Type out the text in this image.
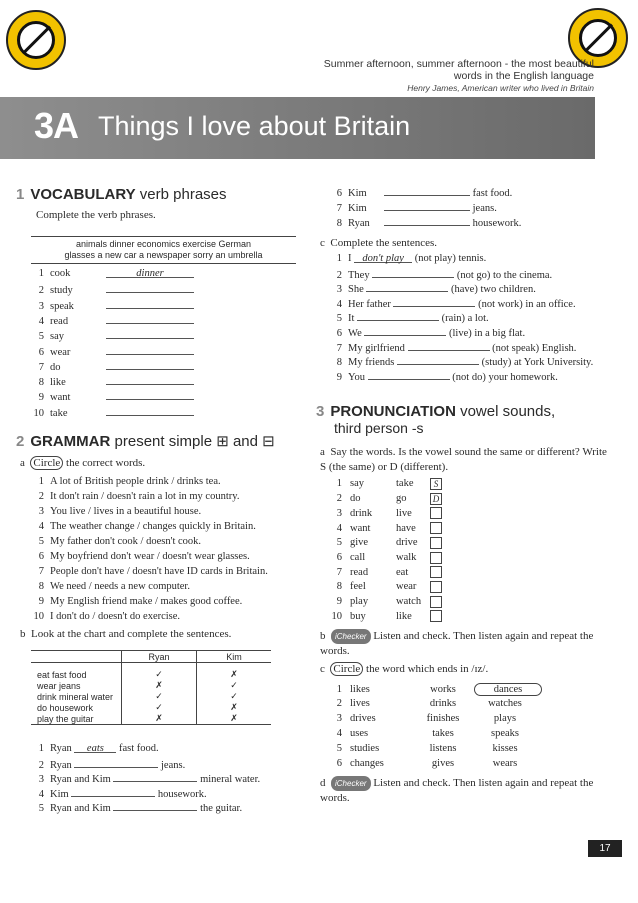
Summer afternoon, summer afternoon - the most beautiful words in the English language
Henry James, American writer who lived in Britain
3A Things I love about Britain
1 VOCABULARY verb phrases
Complete the verb phrases.
animals dinner economics exercise German
glasses a new car a newspaper sorry an umbrella
1 cook	dinner
2 study
3 speak
4 read
5 say
6 wear
7 do
8 like
9 want
10 take
2 GRAMMAR present simple ⊞ and ⊟
a Circle the correct words.
1 A lot of British people drink / drinks tea.
2 It don't rain / doesn't rain a lot in my country.
3 You live / lives in a beautiful house.
4 The weather change / changes quickly in Britain.
5 My father don't cook / doesn't cook.
6 My boyfriend don't wear / doesn't wear glasses.
7 People don't have / doesn't have ID cards in Britain.
8 We need / needs a new computer.
9 My English friend make / makes good coffee.
10 I don't do / doesn't do exercise.
b Look at the chart and complete the sentences.
	Ryan	Kim
eat fast food	✓	✗
wear jeans	✗	✓
drink mineral water	✓	✓
do housework	✓	✗
play the guitar	✗	✗
1 Ryan eats fast food.
2 Ryan	jeans.
3 Ryan and Kim	mineral water.
4 Kim	housework.
5 Ryan and Kim	the guitar.
6 Kim	fast food.
7 Kim	jeans.
8 Ryan	housework.
c Complete the sentences.
1 I don't play (not play) tennis.
2 They	(not go) to the cinema.
3 She	(have) two children.
4 Her father	(not work) in an office.
5 It	(rain) a lot.
6 We	(live) in a big flat.
7 My girlfriend	(not speak) English.
8 My friends	(study) at York University.
9 You	(not do) your homework.
3 PRONUNCIATION vowel sounds,
third person -s
a Say the words. Is the vowel sound the same or different? Write S (the same) or D (different).
1 say	take S
2 do	go	D
3 drink live
4 want have
5 give	drive
6 call	walk
7 read	eat
8 feel	wear
9 play	watch
10 buy	like
b iChecker Listen and check. Then listen again and repeat the words.
c Circle the word which ends in /ɪz/.
1 likes	works	dances
2 lives	drinks	watches
3 drives	finishes	plays
4 uses	takes	speaks
5 studies	listens	kisses
6 changes	gives	wears
d iChecker Listen and check. Then listen again and repeat the words.
17
